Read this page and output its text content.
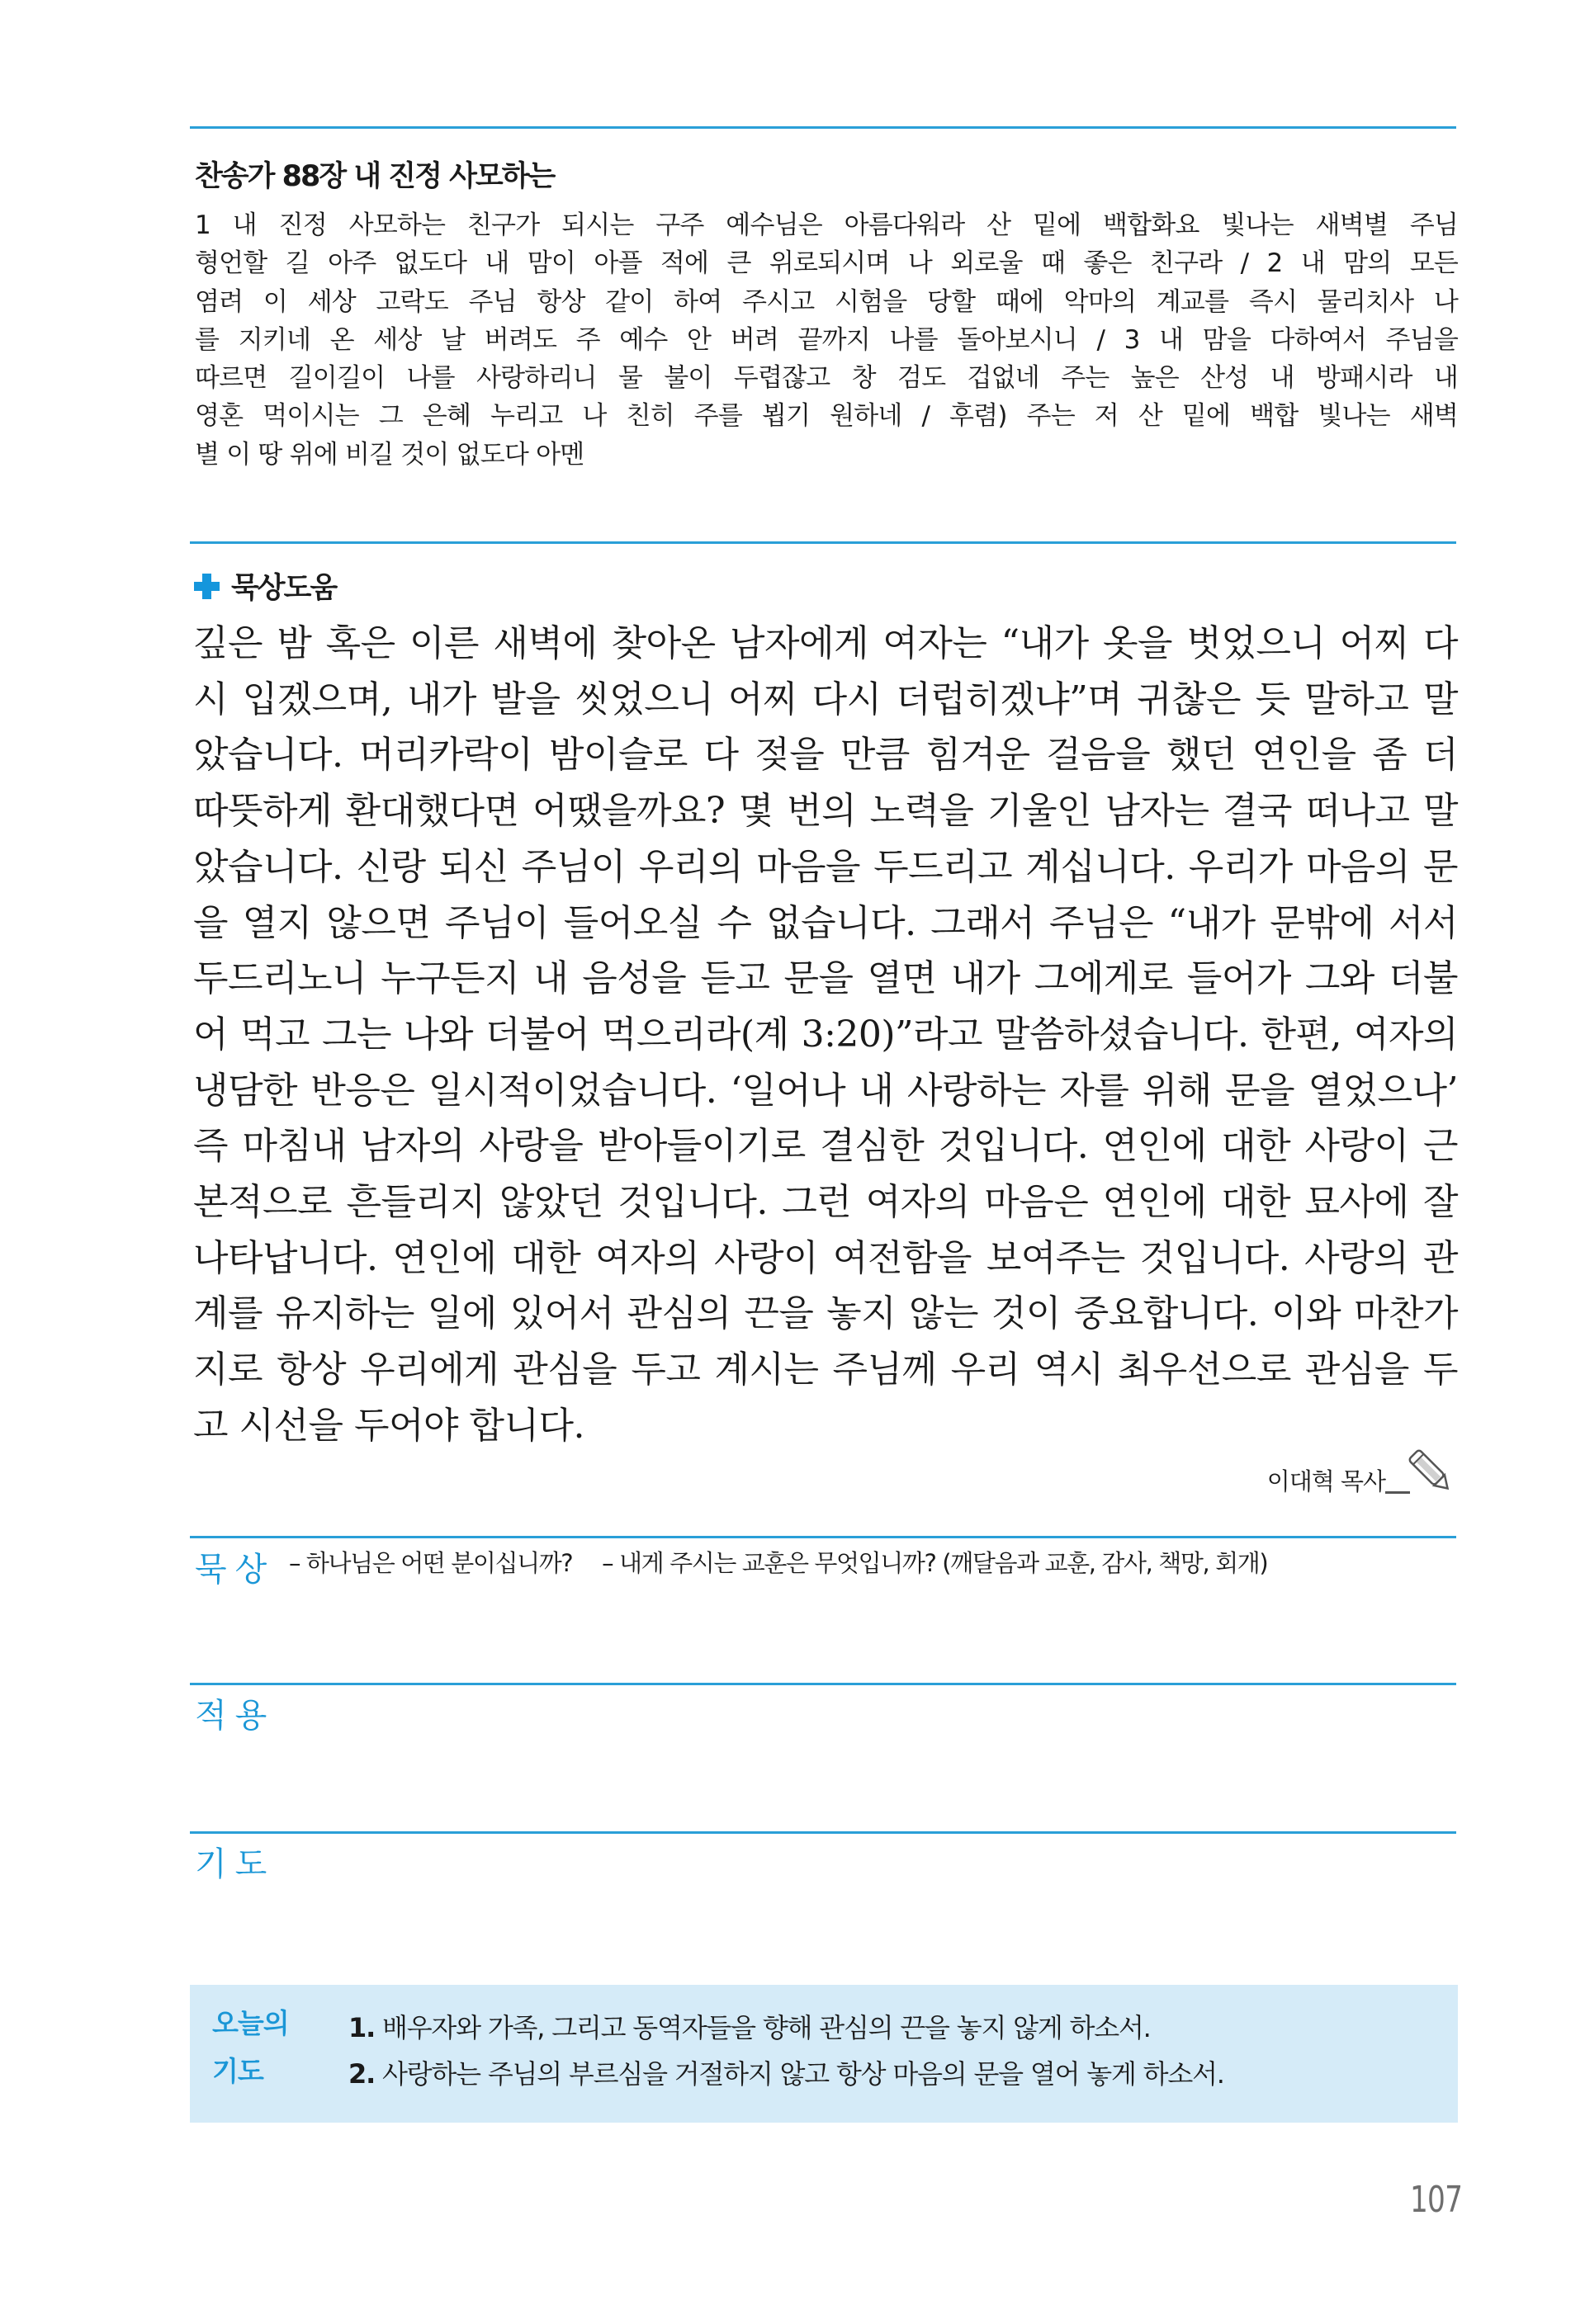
찬송가 88장 내 진정 사모하는
1 내 진정 사모하는 친구가 되시는 구주 예수님은 아름다워라 산 밑에 백합화요 빛나는 새벽별 주님
형언할 길 아주 없도다 내 맘이 아플 적에 큰 위로되시며 나 외로울 때 좋은 친구라 / 2 내 맘의 모든
염려 이 세상 고락도 주님 항상 같이 하여 주시고 시험을 당할 때에 악마의 계교를 즉시 물리치사 나
를 지키네 온 세상 날 버려도 주 예수 안 버려 끝까지 나를 돌아보시니 / 3 내 맘을 다하여서 주님을
따르면 길이길이 나를 사랑하리니 물 불이 두렵잖고 창 검도 겁없네 주는 높은 산성 내 방패시라 내
영혼 먹이시는 그 은혜 누리고 나 친히 주를 뵙기 원하네 / 후렴) 주는 저 산 밑에 백합 빛나는 새벽
별 이 땅 위에 비길 것이 없도다 아멘
묵상도움
깊은 밤 혹은 이른 새벽에 찾아온 남자에게 여자는 “내가 옷을 벗었으니 어찌 다
시 입겠으며, 내가 발을 씻었으니 어찌 다시 더럽히겠냐”며 귀찮은 듯 말하고 말
았습니다. 머리카락이 밤이슬로 다 젖을 만큼 힘겨운 걸음을 했던 연인을 좀 더
따뜻하게 환대했다면 어땠을까요? 몇 번의 노력을 기울인 남자는 결국 떠나고 말
았습니다. 신랑 되신 주님이 우리의 마음을 두드리고 계십니다. 우리가 마음의 문
을 열지 않으면 주님이 들어오실 수 없습니다. 그래서 주님은 “내가 문밖에 서서
두드리노니 누구든지 내 음성을 듣고 문을 열면 내가 그에게로 들어가 그와 더불
어 먹고 그는 나와 더불어 먹으리라(계 3:20)”라고 말씀하셨습니다. 한편, 여자의
냉담한 반응은 일시적이었습니다. ‘일어나 내 사랑하는 자를 위해 문을 열었으나’
즉 마침내 남자의 사랑을 받아들이기로 결심한 것입니다. 연인에 대한 사랑이 근
본적으로 흔들리지 않았던 것입니다. 그런 여자의 마음은 연인에 대한 묘사에 잘
나타납니다. 연인에 대한 여자의 사랑이 여전함을 보여주는 것입니다. 사랑의 관
계를 유지하는 일에 있어서 관심의 끈을 놓지 않는 것이 중요합니다. 이와 마찬가
지로 항상 우리에게 관심을 두고 계시는 주님께 우리 역시 최우선으로 관심을 두
고 시선을 두어야 합니다.
이대혁 목사
묵상 – 하나님은 어떤 분이십니까? – 내게 주시는 교훈은 무엇입니까? (깨달음과 교훈, 감사, 책망, 회개)
적용
기도
오늘의
기도
1. 배우자와 가족, 그리고 동역자들을 향해 관심의 끈을 놓지 않게 하소서.
2. 사랑하는 주님의 부르심을 거절하지 않고 항상 마음의 문을 열어 놓게 하소서.
107
